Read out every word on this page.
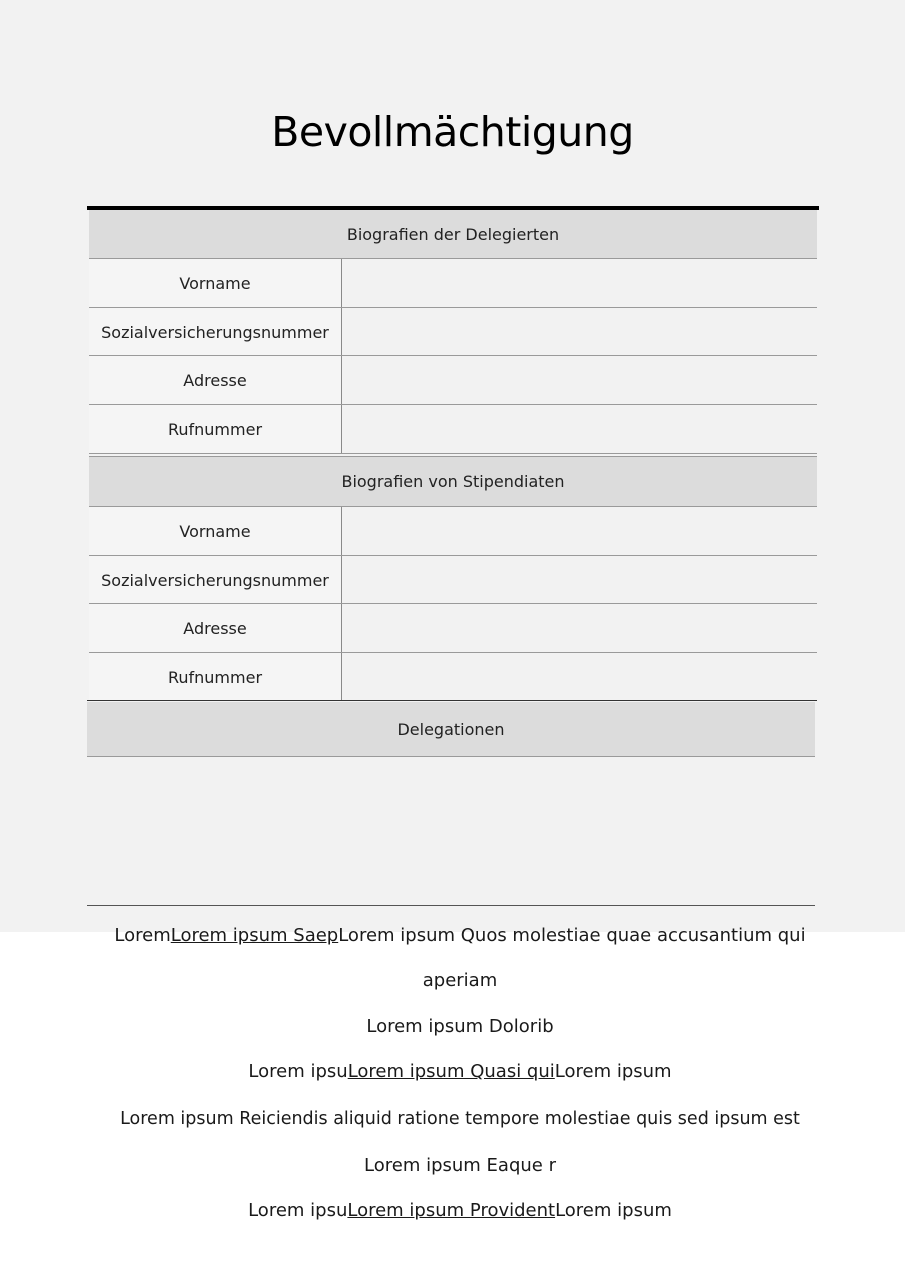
Bevollmächtigung
Biografien der Delegierten
Vorname
Sozialversicherungsnummer
Adresse
Rufnummer
Biografien von Stipendiaten
Vorname
Sozialversicherungsnummer
Adresse
Rufnummer
Delegationen
LoremLorem ipsum SaepLorem ipsum Quos molestiae quae accusantium qui
aperiam
Lorem ipsum Dolorib
Lorem ipsuLorem ipsum Quasi quiLorem ipsum
Lorem ipsum Reiciendis aliquid ratione tempore molestiae quis sed ipsum est
Lorem ipsum Eaque r
Lorem ipsuLorem ipsum ProvidentLorem ipsum
